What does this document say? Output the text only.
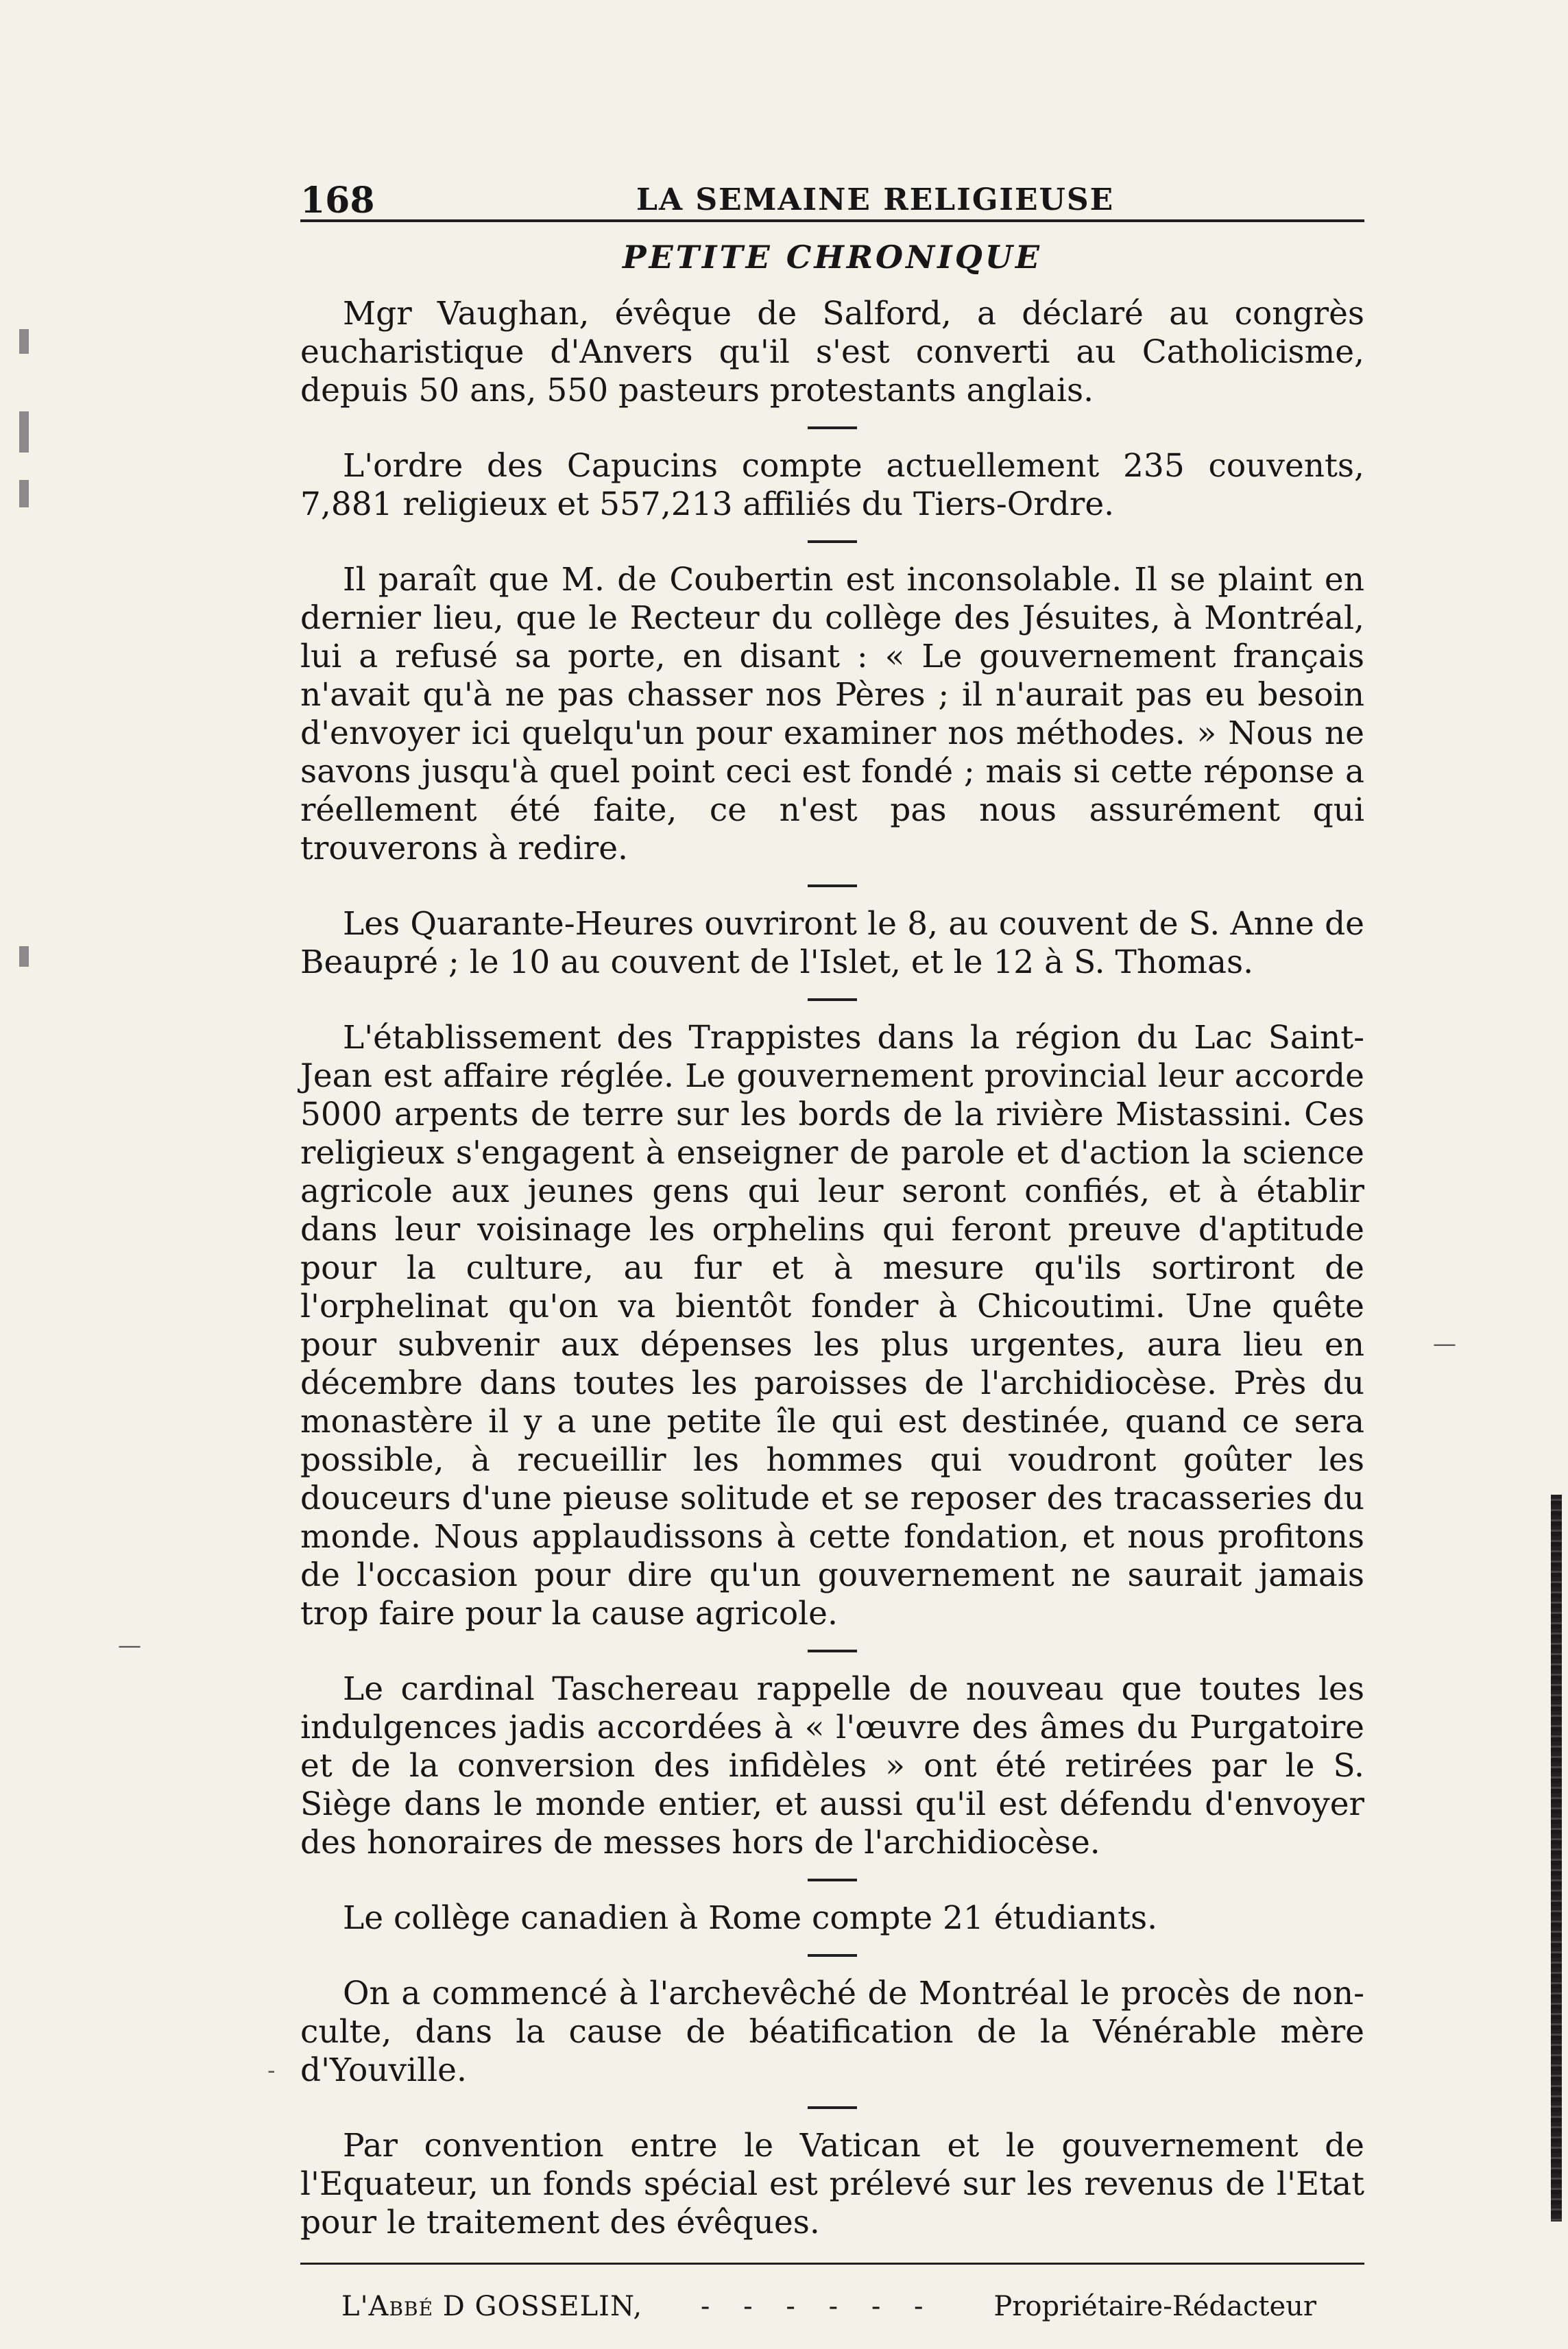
—
—
-
168	LA SEMAINE RELIGIEUSE
PETITE CHRONIQUE

Mgr Vaughan, évêque de Salford, a déclaré au congrès eucharistique d'Anvers qu'il s'est converti au Catholicisme, depuis 50 ans, 550 pasteurs protestants anglais.

L'ordre des Capucins compte actuellement 235 couvents, 7,881 religieux et 557,213 affiliés du Tiers-Ordre.

Il paraît que M. de Coubertin est inconsolable. Il se plaint en dernier lieu, que le Recteur du collège des Jésuites, à Montréal, lui a refusé sa porte, en disant : « Le gouvernement français n'avait qu'à ne pas chasser nos Pères ; il n'aurait pas eu besoin d'envoyer ici quelqu'un pour examiner nos méthodes. » Nous ne savons jusqu'à quel point ceci est fondé ; mais si cette réponse a réellement été faite, ce n'est pas nous assurément qui trouverons à redire.

Les Quarante-Heures ouvriront le 8, au couvent de S. Anne de Beaupré ; le 10 au couvent de l'Islet, et le 12 à S. Thomas.

L'établissement des Trappistes dans la région du Lac Saint-Jean est affaire réglée. Le gouvernement provincial leur accorde 5000 arpents de terre sur les bords de la rivière Mistassini. Ces religieux s'engagent à enseigner de parole et d'action la science agricole aux jeunes gens qui leur seront confiés, et à établir dans leur voisinage les orphelins qui feront preuve d'aptitude pour la culture, au fur et à mesure qu'ils sortiront de l'orphelinat qu'on va bientôt fonder à Chicoutimi. Une quête pour subvenir aux dépenses les plus urgentes, aura lieu en décembre dans toutes les paroisses de l'archidiocèse. Près du monastère il y a une petite île qui est destinée, quand ce sera possible, à recueillir les hommes qui voudront goûter les douceurs d'une pieuse solitude et se reposer des tracasseries du monde. Nous applaudissons à cette fondation, et nous profitons de l'occasion pour dire qu'un gouvernement ne saurait jamais trop faire pour la cause agricole.

Le cardinal Taschereau rappelle de nouveau que toutes les indulgences jadis accordées à « l'œuvre des âmes du Purgatoire et de la conversion des infidèles » ont été retirées par le S. Siège dans le monde entier, et aussi qu'il est défendu d'envoyer des honoraires de messes hors de l'archidiocèse.

Le collège canadien à Rome compte 21 étudiants.

On a commencé à l'archevêché de Montréal le procès de non-culte, dans la cause de béatification de la Vénérable mère d'Youville.

Par convention entre le Vatican et le gouvernement de l'Equateur, un fonds spécial est prélevé sur les revenus de l'Etat pour le traitement des évêques.

L'Abbé D GOSSELIN,	- - - - - -	Propriétaire-Rédacteur
